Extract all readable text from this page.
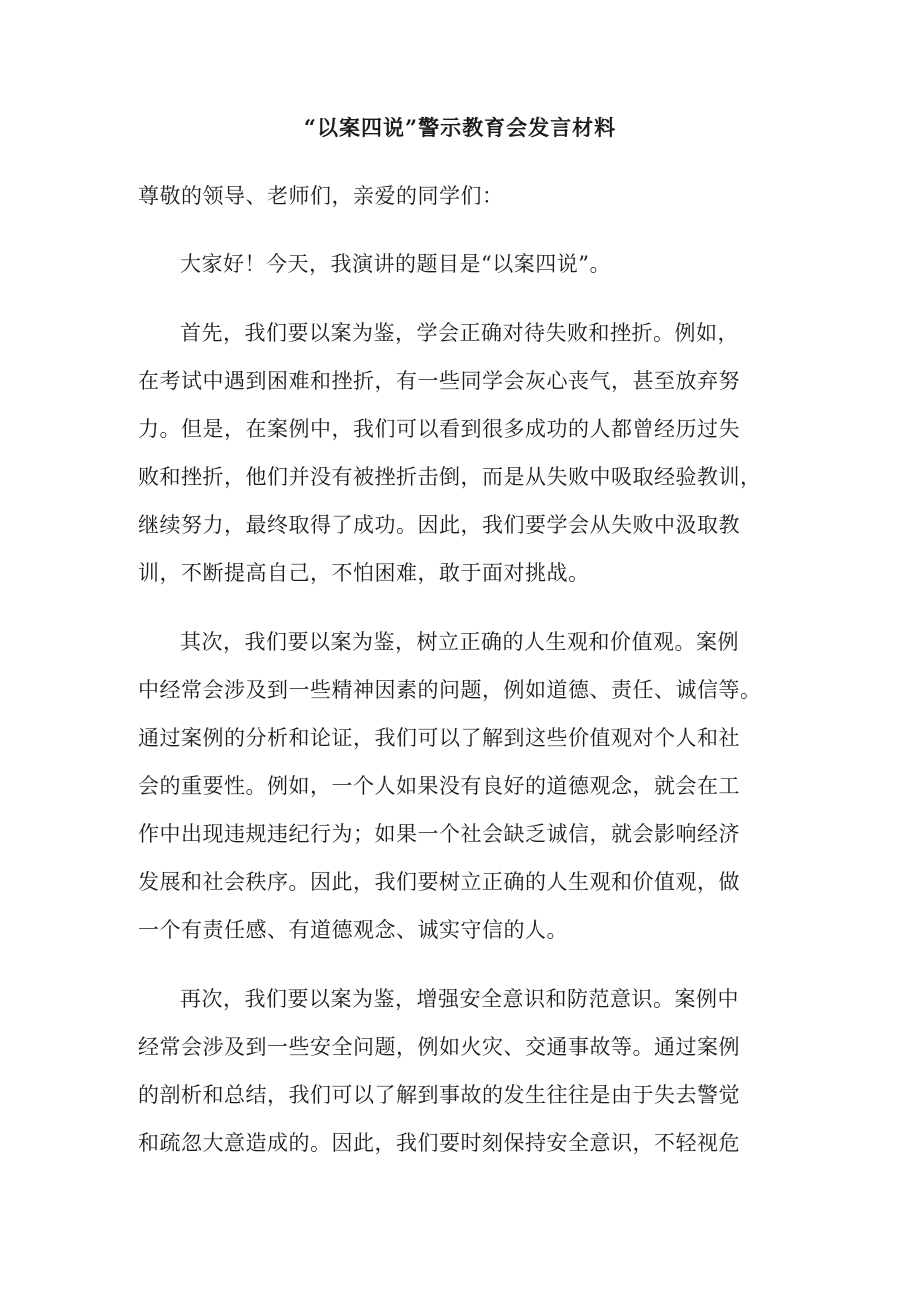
“以案四说”警示教育会发言材料
尊敬的领导、老师们，亲爱的同学们：
大家好！今天，我演讲的题目是“以案四说”。
首先，我们要以案为鉴，学会正确对待失败和挫折。例如，
在考试中遇到困难和挫折，有一些同学会灰心丧气，甚至放弃努
力。但是，在案例中，我们可以看到很多成功的人都曾经历过失
败和挫折，他们并没有被挫折击倒，而是从失败中吸取经验教训，
继续努力，最终取得了成功。因此，我们要学会从失败中汲取教
训，不断提高自己，不怕困难，敢于面对挑战。
其次，我们要以案为鉴，树立正确的人生观和价值观。案例
中经常会涉及到一些精神因素的问题，例如道德、责任、诚信等。
通过案例的分析和论证，我们可以了解到这些价值观对个人和社
会的重要性。例如，一个人如果没有良好的道德观念，就会在工
作中出现违规违纪行为；如果一个社会缺乏诚信，就会影响经济
发展和社会秩序。因此，我们要树立正确的人生观和价值观，做
一个有责任感、有道德观念、诚实守信的人。
再次，我们要以案为鉴，增强安全意识和防范意识。案例中
经常会涉及到一些安全问题，例如火灾、交通事故等。通过案例
的剖析和总结，我们可以了解到事故的发生往往是由于失去警觉
和疏忽大意造成的。因此，我们要时刻保持安全意识，不轻视危
